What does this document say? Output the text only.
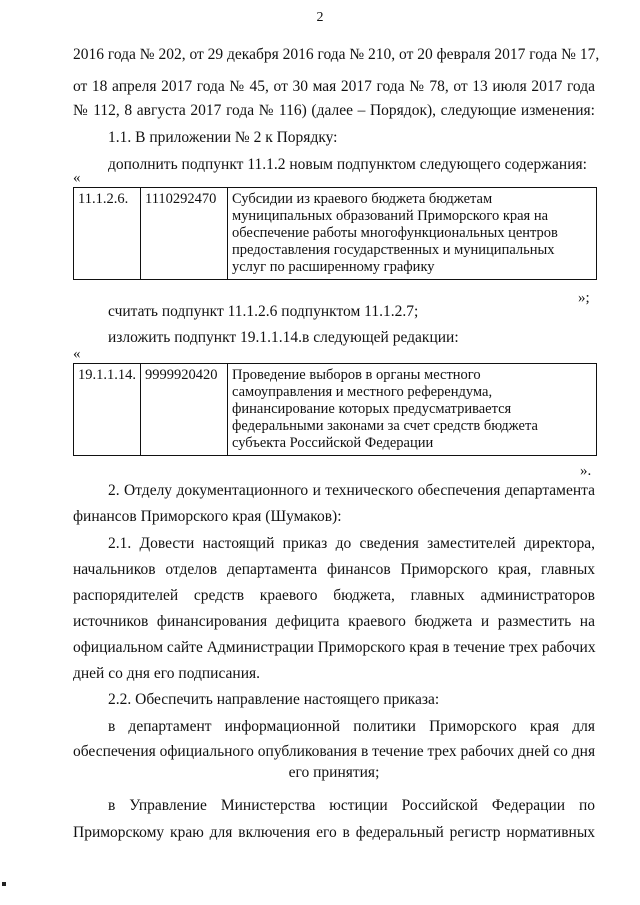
2
2016 года № 202, от 29 декабря 2016 года № 210, от 20 февраля 2017 года № 17,
от 18 апреля 2017 года № 45, от 30 мая 2017 года № 78, от 13 июля 2017 года
№ 112, 8 августа 2017 года № 116) (далее – Порядок), следующие изменения:
1.1. В приложении № 2 к Порядку:
дополнить подпункт 11.1.2 новым подпунктом следующего содержания:
«
11.1.2.6.	1110292470	Субсидии из краевого бюджета бюджетам
муниципальных образований Приморского края на
обеспечение работы многофункциональных центров
предоставления государственных и муниципальных
услуг по расширенному графику
»;
считать подпункт 11.1.2.6 подпунктом 11.1.2.7;
изложить подпункт 19.1.1.14.в следующей редакции:
«
19.1.1.14.	9999920420	Проведение выборов в органы местного
самоуправления и местного референдума,
финансирование которых предусматривается
федеральными законами за счет средств бюджета
субъекта Российской Федерации
».
2. Отделу документационного и технического обеспечения департамента
финансов Приморского края (Шумаков):
2.1. Довести настоящий приказ до сведения заместителей директора,
начальников отделов департамента финансов Приморского края, главных
распорядителей средств краевого бюджета, главных администраторов
источников финансирования дефицита краевого бюджета и разместить на
официальном сайте Администрации Приморского края в течение трех рабочих
дней со дня его подписания.
2.2. Обеспечить направление настоящего приказа:
в департамент информационной политики Приморского края для
обеспечения официального опубликования в течение трех рабочих дней со дня
его принятия;
в Управление Министерства юстиции Российской Федерации по
Приморскому краю для включения его в федеральный регистр нормативных
